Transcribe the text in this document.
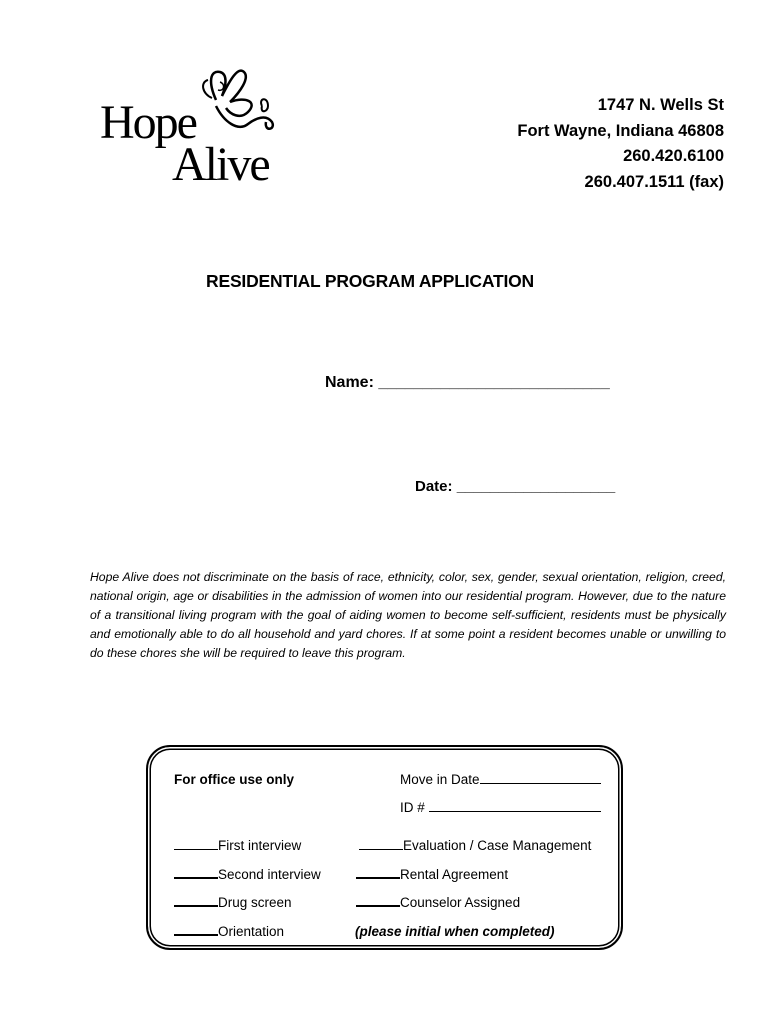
Hope
Alive
1747 N. Wells St
Fort Wayne, Indiana 46808
260.420.6100
260.407.1511 (fax)
RESIDENTIAL PROGRAM APPLICATION
Name: __________________________
Date: ___________________
Hope Alive does not discriminate on the basis of race, ethnicity, color, sex, gender, sexual orientation, religion, creed, national origin, age or disabilities in the admission of women into our residential program. However, due to the nature of a transitional living program with the goal of aiding women to become self-sufficient, residents must be physically and emotionally able to do all household and yard chores. If at some point a resident becomes unable or unwilling to do these chores she will be required to leave this program.
For office use only	Move in Date
ID #
First interview
Second interview
Drug screen
Orientation
Evaluation / Case Management
Rental Agreement
Counselor Assigned
(please initial when completed)
